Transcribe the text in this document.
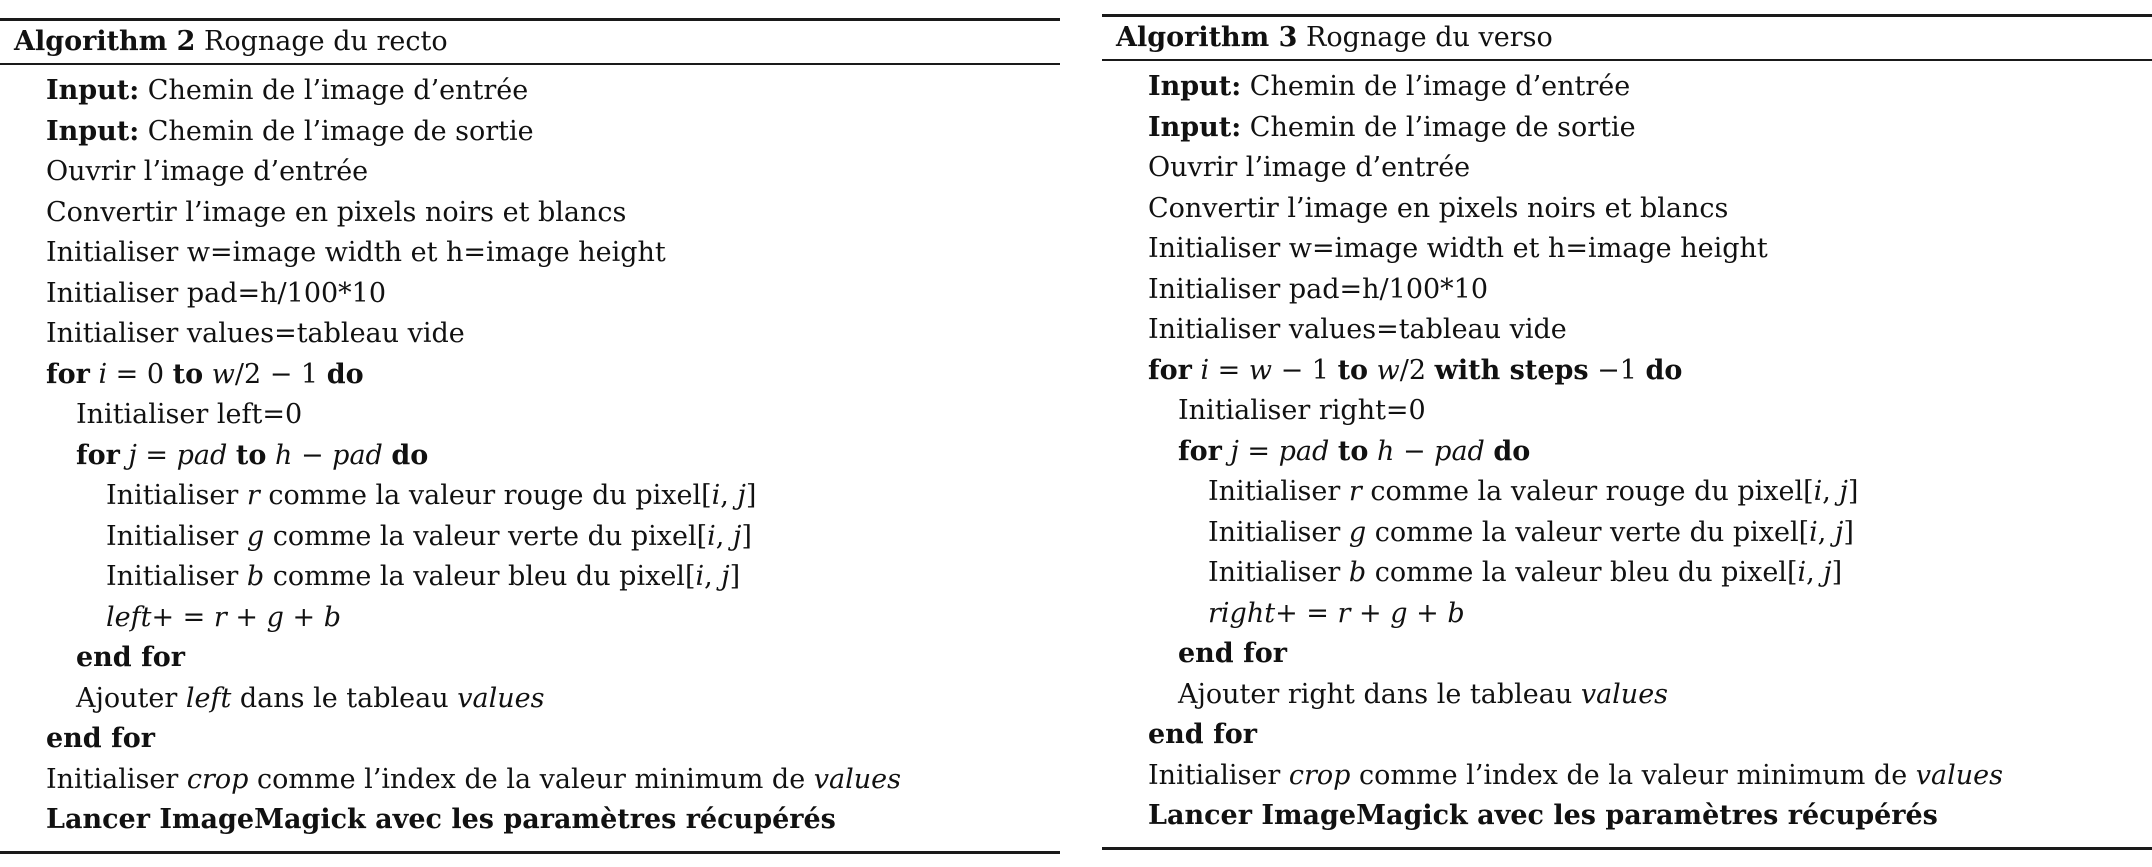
Algorithm 2 Rognage du recto
Input: Chemin de l’image d’entrée
Input: Chemin de l’image de sortie
Ouvrir l’image d’entrée
Convertir l’image en pixels noirs et blancs
Initialiser w=image width et h=image height
Initialiser pad=h/100*10
Initialiser values=tableau vide
for i = 0 to w/2 − 1 do
Initialiser left=0
for j = pad to h − pad do
Initialiser r comme la valeur rouge du pixel[i, j]
Initialiser g comme la valeur verte du pixel[i, j]
Initialiser b comme la valeur bleu du pixel[i, j]
left+ = r + g + b
end for
Ajouter left dans le tableau values
end for
Initialiser crop comme l’index de la valeur minimum de values
Lancer ImageMagick avec les paramètres récupérés
Algorithm 3 Rognage du verso
Input: Chemin de l’image d’entrée
Input: Chemin de l’image de sortie
Ouvrir l’image d’entrée
Convertir l’image en pixels noirs et blancs
Initialiser w=image width et h=image height
Initialiser pad=h/100*10
Initialiser values=tableau vide
for i = w − 1 to w/2 with steps −1 do
Initialiser right=0
for j = pad to h − pad do
Initialiser r comme la valeur rouge du pixel[i, j]
Initialiser g comme la valeur verte du pixel[i, j]
Initialiser b comme la valeur bleu du pixel[i, j]
right+ = r + g + b
end for
Ajouter right dans le tableau values
end for
Initialiser crop comme l’index de la valeur minimum de values
Lancer ImageMagick avec les paramètres récupérés
